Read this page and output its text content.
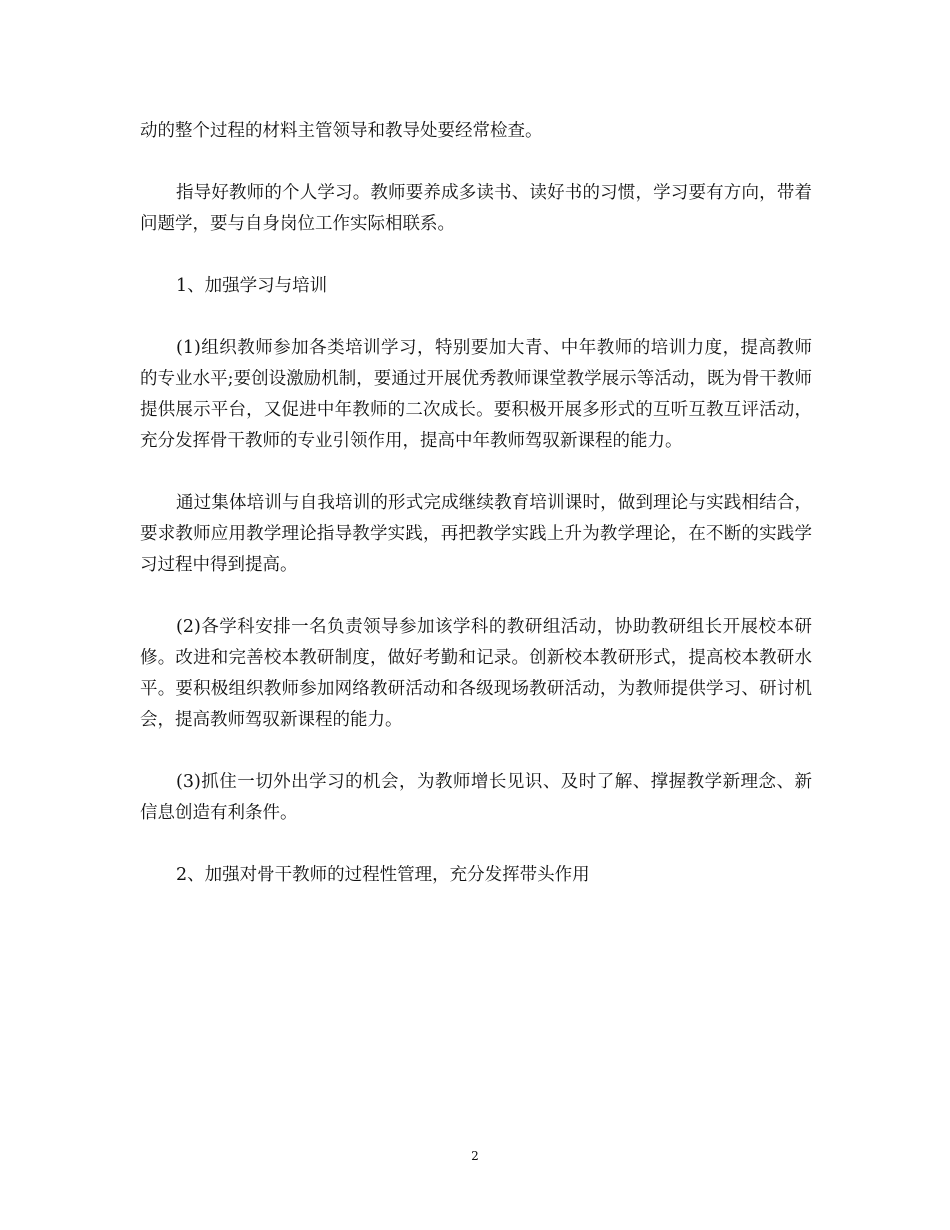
动的整个过程的材料主管领导和教导处要经常检查。

指导好教师的个人学习。教师要养成多读书、读好书的习惯，学习要有方向，带着问题学，要与自身岗位工作实际相联系。

1、加强学习与培训

(1)组织教师参加各类培训学习，特别要加大青、中年教师的培训力度，提高教师的专业水平;要创设激励机制，要通过开展优秀教师课堂教学展示等活动，既为骨干教师提供展示平台，又促进中年教师的二次成长。要积极开展多形式的互听互教互评活动，充分发挥骨干教师的专业引领作用，提高中年教师驾驭新课程的能力。

通过集体培训与自我培训的形式完成继续教育培训课时，做到理论与实践相结合，要求教师应用教学理论指导教学实践，再把教学实践上升为教学理论，在不断的实践学习过程中得到提高。

(2)各学科安排一名负责领导参加该学科的教研组活动，协助教研组长开展校本研修。改进和完善校本教研制度，做好考勤和记录。创新校本教研形式，提高校本教研水平。要积极组织教师参加网络教研活动和各级现场教研活动，为教师提供学习、研讨机会，提高教师驾驭新课程的能力。

(3)抓住一切外出学习的机会，为教师增长见识、及时了解、撑握教学新理念、新信息创造有利条件。

2、加强对骨干教师的过程性管理，充分发挥带头作用

2
